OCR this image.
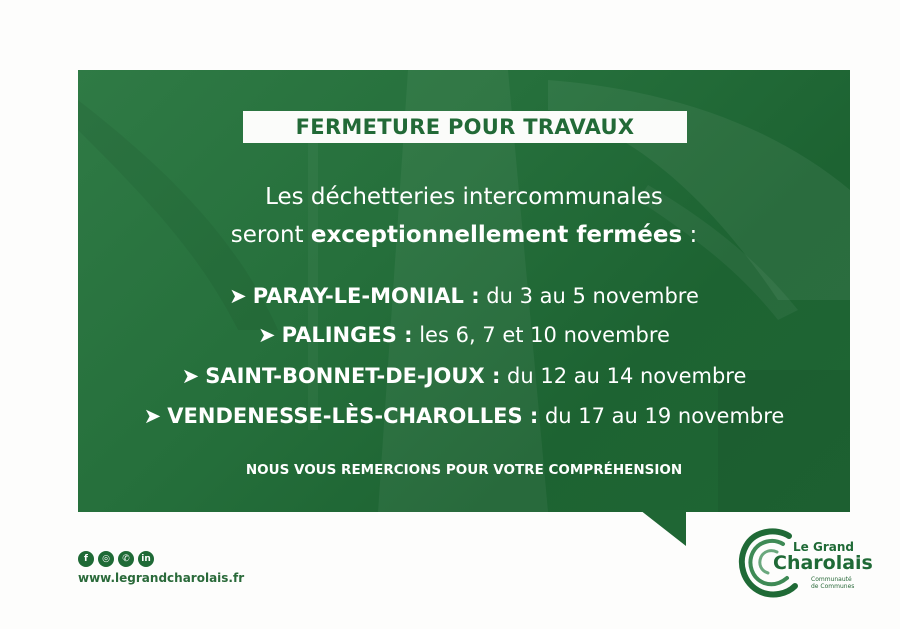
FERMETURE POUR TRAVAUX
Les déchetteries intercommunales
seront exceptionnellement fermées :
➤ PARAY-LE-MONIAL : du 3 au 5 novembre
➤ PALINGES : les 6, 7 et 10 novembre
➤ SAINT-BONNET-DE-JOUX : du 12 au 14 novembre
➤ VENDENESSE-LÈS-CHAROLLES : du 17 au 19 novembre
NOUS VOUS REMERCIONS POUR VOTRE COMPRÉHENSION
f	◎	✆	in
www.legrandcharolais.fr
Le Grand
Charolais
Communauté
de Communes
